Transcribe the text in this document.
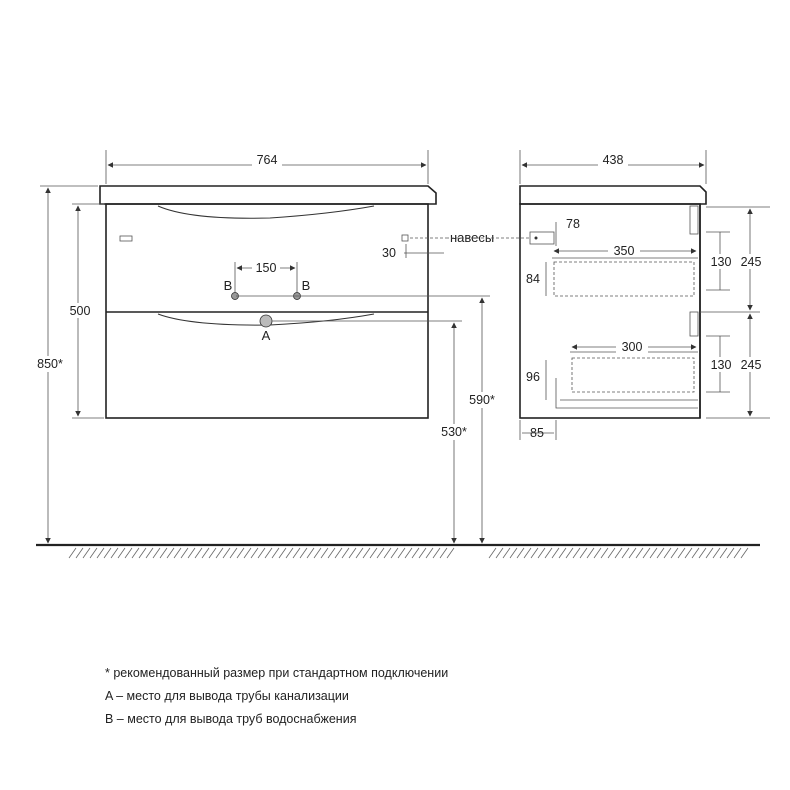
навесы
764
850*
500
150
B	B
A
30
590*
530*
78
350
84
300
96
85
438
130
130
245
245
* рекомендованный размер при стандартном подключении
A – место для вывода трубы канализации
B – место для вывода труб водоснабжения
